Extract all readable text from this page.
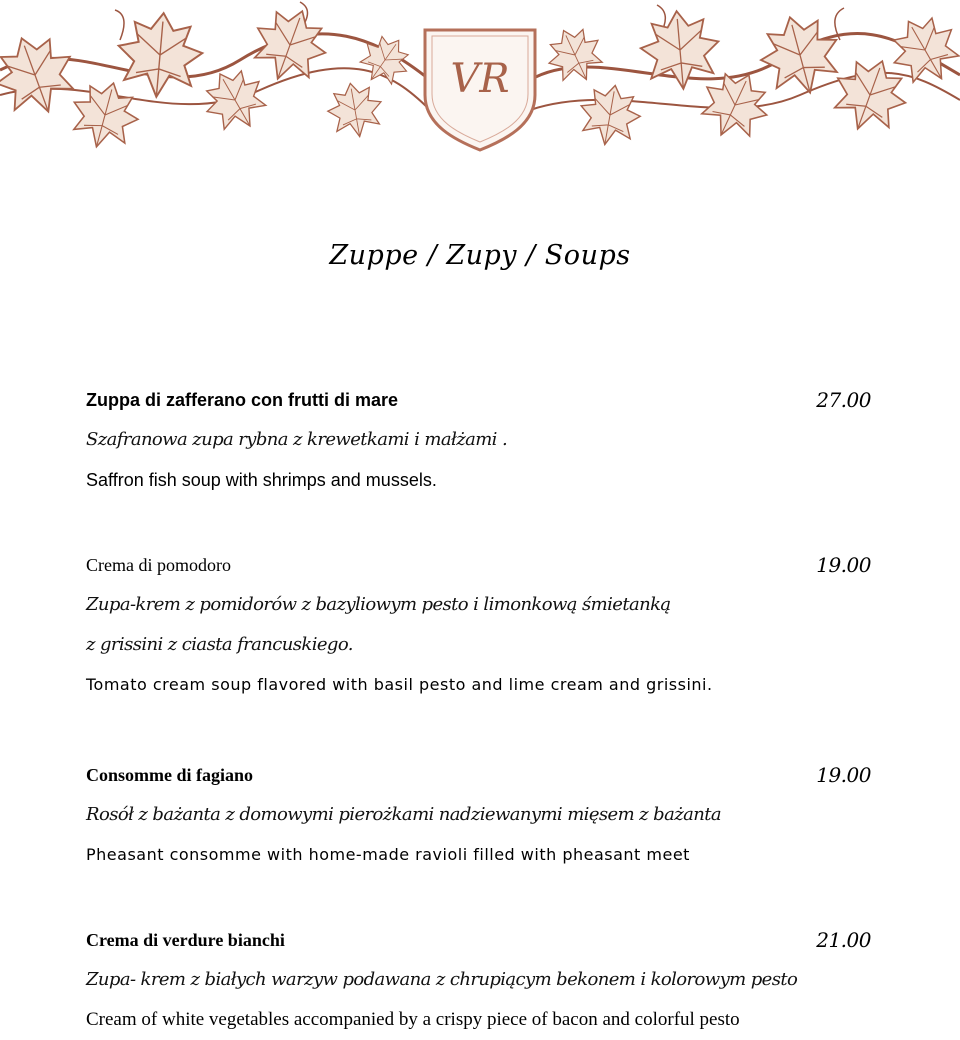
VR
Zuppe / Zupy / Soups
Zuppa di zafferano con frutti di mare	27.00
Szafranowa zupa rybna z krewetkami i małżami .
Saffron fish soup with shrimps and mussels.
Crema di pomodoro	19.00
Zupa-krem z pomidorów z bazyliowym pesto i limonkową śmietanką
z grissini z ciasta francuskiego.
Tomato cream soup flavored with basil pesto and lime cream and grissini.
Consomme di fagiano	19.00
Rosół z bażanta z domowymi pierożkami nadziewanymi mięsem z bażanta
Pheasant consomme with home-made ravioli filled with pheasant meet
Crema di verdure bianchi	21.00
Zupa- krem z białych warzyw podawana z chrupiącym bekonem i kolorowym pesto
Cream of white vegetables accompanied by a crispy piece of bacon and colorful pesto
